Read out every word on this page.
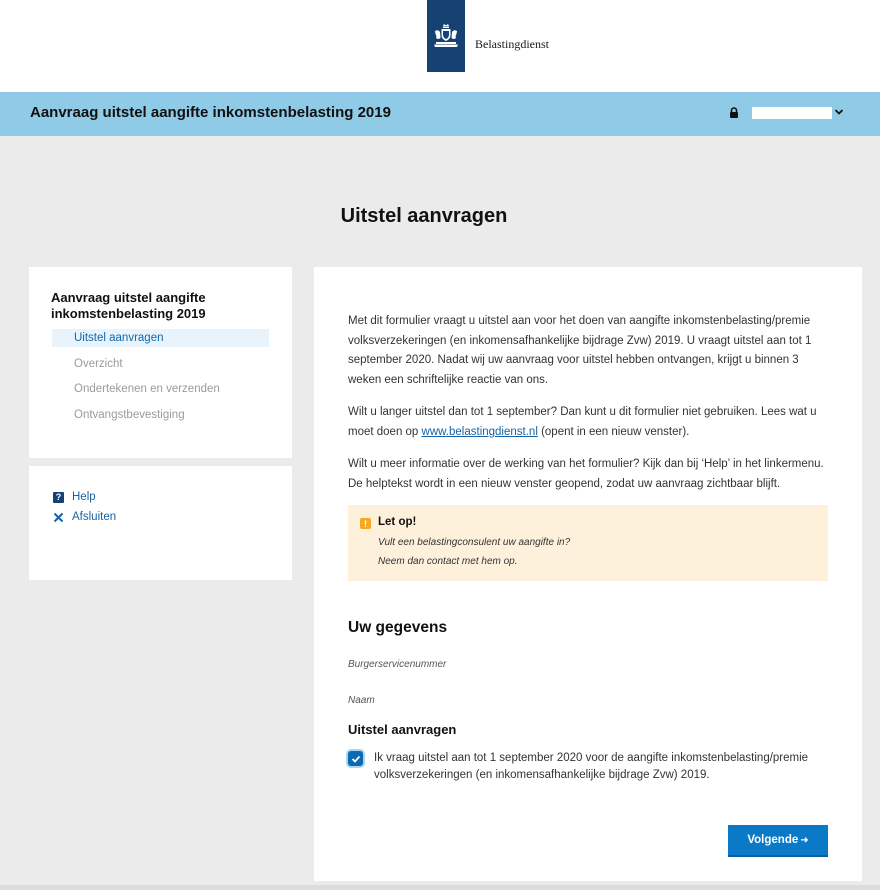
Belastingdienst
Aanvraag uitstel aangifte inkomstenbelasting 2019
Uitstel aanvragen
Aanvraag uitstel aangifte inkomstenbelasting 2019
Uitstel aanvragen
Overzicht
Ondertekenen en verzenden
Ontvangstbevestiging
? Help
Afsluiten

Met dit formulier vraagt u uitstel aan voor het doen van aangifte inkomstenbelasting/premie volksverzekeringen (en inkomensafhankelijke bijdrage Zvw) 2019. U vraagt uitstel aan tot 1 september 2020. Nadat wij uw aanvraag voor uitstel hebben ontvangen, krijgt u binnen 3 weken een schriftelijke reactie van ons.

Wilt u langer uitstel dan tot 1 september? Dan kunt u dit formulier niet gebruiken. Lees wat u moet doen op www.belastingdienst.nl (opent in een nieuw venster).

Wilt u meer informatie over de werking van het formulier? Kijk dan bij ‘Help’ in het linkermenu. De helptekst wordt in een nieuw venster geopend, zodat uw aanvraag zichtbaar blijft.

! Let op!
Vult een belastingconsulent uw aangifte in?
Neem dan contact met hem op.
Uw gegevens
Burgerservicenummer
Naam
Uitstel aanvragen
Ik vraag uitstel aan tot 1 september 2020 voor de aangifte inkomstenbelasting/premie volksverzekeringen (en inkomensafhankelijke bijdrage Zvw) 2019.
Volgende ➜
